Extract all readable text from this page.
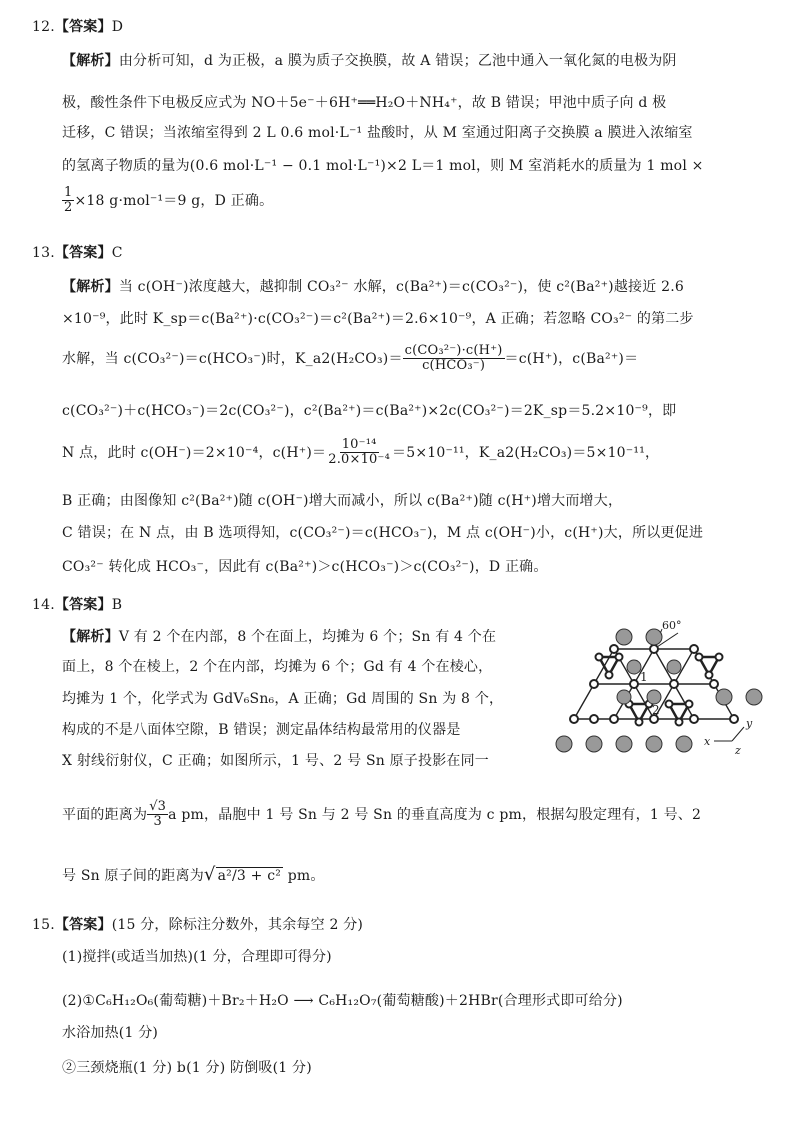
12.【答案】D
【解析】由分析可知，d 为正极，a 膜为质子交换膜，故 A 错误；乙池中通入一氧化氮的电极为阴
极，酸性条件下电极反应式为 NO＋5e⁻＋6H⁺══H₂O＋NH₄⁺，故 B 错误；甲池中质子向 d 极
迁移，C 错误；当浓缩室得到 2 L 0.6 mol·L⁻¹ 盐酸时，从 M 室通过阳离子交换膜 a 膜进入浓缩室
的氢离子物质的量为(0.6 mol·L⁻¹ − 0.1 mol·L⁻¹)×2 L＝1 mol，则 M 室消耗水的质量为 1 mol ×
$\frac{1}{2} \times 18$ g·mol⁻¹＝9 g，D 正确。
13.【答案】C
【解析】当 c(OH⁻)浓度越大，越抑制 CO₃²⁻ 水解，c(Ba²⁺)＝c(CO₃²⁻)，使 c²(Ba²⁺)越接近 2.6
×10⁻⁹，此时 K_sp＝c(Ba²⁺)·c(CO₃²⁻)＝c²(Ba²⁺)＝2.6×10⁻⁹，A 正确；若忽略 CO₃²⁻ 的第二步
水解，当 c(CO₃²⁻)＝c(HCO₃⁻)时，K_a2(H₂CO₃)＝ $\frac{\text{c(CO₃²⁻)·c(H⁺)}}{\text{c(HCO₃⁻)}} =c(H^+)$，c(Ba²⁺)＝
c(CO₃²⁻)＋c(HCO₃⁻)＝2c(CO₃²⁻)，c²(Ba²⁺)＝c(Ba²⁺)×2c(CO₃²⁻)＝2K_sp＝5.2×10⁻⁹，即
N 点，此时 c(OH⁻)＝2×10⁻⁴，$c(H^+)= \frac{\text{10⁻¹⁴}}{\text{2.0×10⁻⁴}} =5\times 10^{-11}$，K_a2(H₂CO₃)＝5×10⁻¹¹，
B 正确；由图像知 c²(Ba²⁺)随 c(OH⁻)增大而减小，所以 c(Ba²⁺)随 c(H⁺)增大而增大，
C 错误；在 N 点，由 B 选项得知，c(CO₃²⁻)＝c(HCO₃⁻)，M 点 c(OH⁻)小，c(H⁺)大，所以更促进
CO₃²⁻ 转化成 HCO₃⁻，因此有 c(Ba²⁺)＞c(HCO₃⁻)＞c(CO₃²⁻)，D 正确。
14.【答案】B
【解析】V 有 2 个在内部，8 个在面上，均摊为 6 个；Sn 有 4 个在
面上，8 个在棱上，2 个在内部，均摊为 6 个；Gd 有 4 个在棱心，
均摊为 1 个，化学式为 GdV₆Sn₆，A 正确；Gd 周围的 Sn 为 8 个，
构成的不是八面体空隙，B 错误；测定晶体结构最常用的仪器是
X 射线衍射仪，C 正确；如图所示，1 号、2 号 Sn 原子投影在同一
平面的距离为 $\frac{√3}{3}$ a pm，晶胞中 1 号 Sn 与 2 号 Sn 的垂直高度为 c pm，根据勾股定理有，1 号、2
号 Sn 原子间的距离为√ a²/3 + c² pm。
60°
1
2
x
y
z
15.【答案】(15 分，除标注分数外，其余每空 2 分)
(1)搅拌(或适当加热)(1 分，合理即可得分)
(2)①C₆H₁₂O₆(葡萄糖)＋Br₂＋H₂O ⟶ C₆H₁₂O₇(葡萄糖酸)＋2HBr(合理形式即可给分)
水浴加热(1 分)
②三颈烧瓶(1 分) b(1 分) 防倒吸(1 分)
